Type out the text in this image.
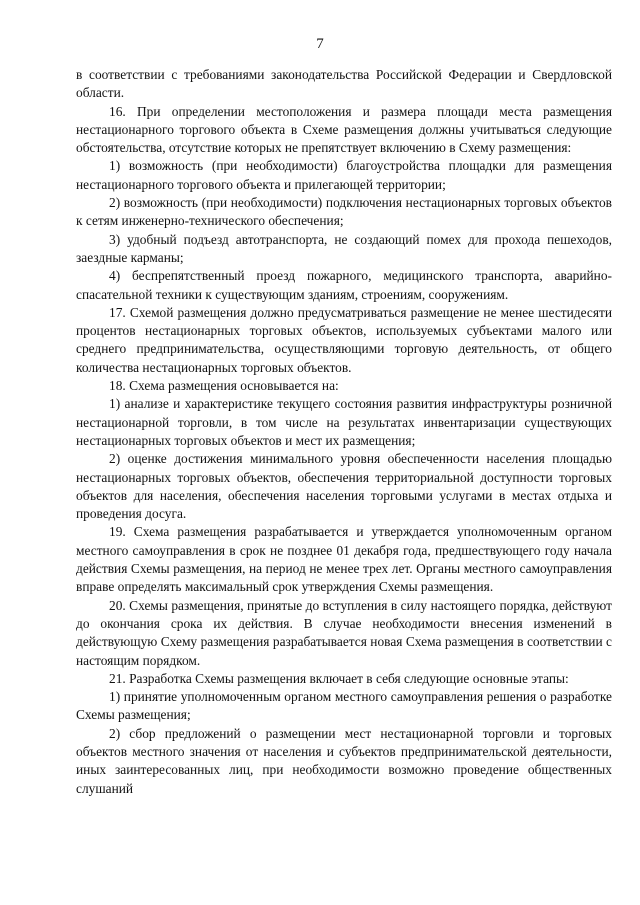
7

в соответствии с требованиями законодательства Российской Федерации и Свердловской области.

16. При определении местоположения и размера площади места размещения нестационарного торгового объекта в Схеме размещения должны учитываться следующие обстоятельства, отсутствие которых не препятствует включению в Схему размещения:

1) возможность (при необходимости) благоустройства площадки для размещения нестационарного торгового объекта и прилегающей территории;

2) возможность (при необходимости) подключения нестационарных торговых объектов к сетям инженерно-технического обеспечения;

3) удобный подъезд автотранспорта, не создающий помех для прохода пешеходов, заездные карманы;

4) беспрепятственный проезд пожарного, медицинского транспорта, аварийно-спасательной техники к существующим зданиям, строениям, сооружениям.

17. Схемой размещения должно предусматриваться размещение не менее шестидесяти процентов нестационарных торговых объектов, используемых субъектами малого или среднего предпринимательства, осуществляющими торговую деятельность, от общего количества нестационарных торговых объектов.

18. Схема размещения основывается на:

1) анализе и характеристике текущего состояния развития инфраструктуры розничной нестационарной торговли, в том числе на результатах инвентаризации существующих нестационарных торговых объектов и мест их размещения;

2) оценке достижения минимального уровня обеспеченности населения площадью нестационарных торговых объектов, обеспечения территориальной доступности торговых объектов для населения, обеспечения населения торговыми услугами в местах отдыха и проведения досуга.

19. Схема размещения разрабатывается и утверждается уполномоченным органом местного самоуправления в срок не позднее 01 декабря года, предшествующего году начала действия Схемы размещения, на период не менее трех лет. Органы местного самоуправления вправе определять максимальный срок утверждения Схемы размещения.

20. Схемы размещения, принятые до вступления в силу настоящего порядка, действуют до окончания срока их действия. В случае необходимости внесения изменений в действующую Схему размещения разрабатывается новая Схема размещения в соответствии с настоящим порядком.

21. Разработка Схемы размещения включает в себя следующие основные этапы:

1) принятие уполномоченным органом местного самоуправления решения о разработке Схемы размещения;

2) сбор предложений о размещении мест нестационарной торговли и торговых объектов местного значения от населения и субъектов предпринимательской деятельности, иных заинтересованных лиц, при необходимости возможно проведение общественных слушаний
